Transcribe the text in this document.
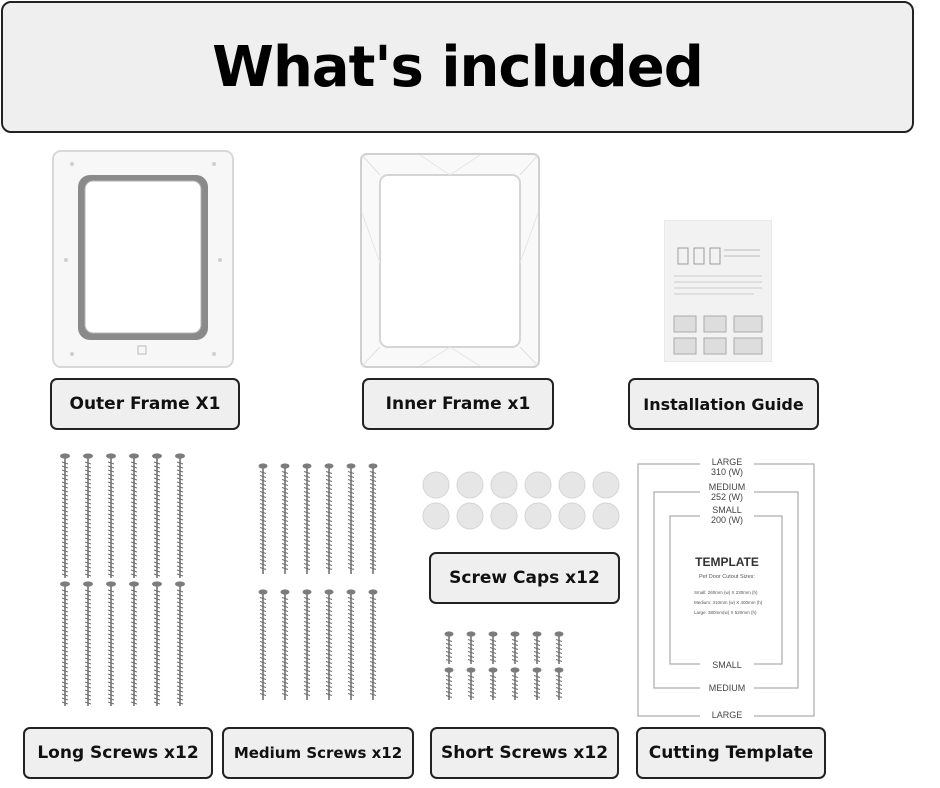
What's included
Outer Frame X1	Inner Frame x1	Installation Guide
Long Screws x12	Medium Screws x12
Screw Caps x12
Short Screws x12
LARGE
310 (W)
MEDIUM
252 (W)
SMALL
200 (W)
TEMPLATE
Pet Door Cutout Sizes:
Small: 260mm (w) X 230mm (h)
Medium: 310mm (w) X 400mm (h)
Large: 380mm(w) X 520mm (h)
SMALL
MEDIUM
LARGE
Cutting Template
